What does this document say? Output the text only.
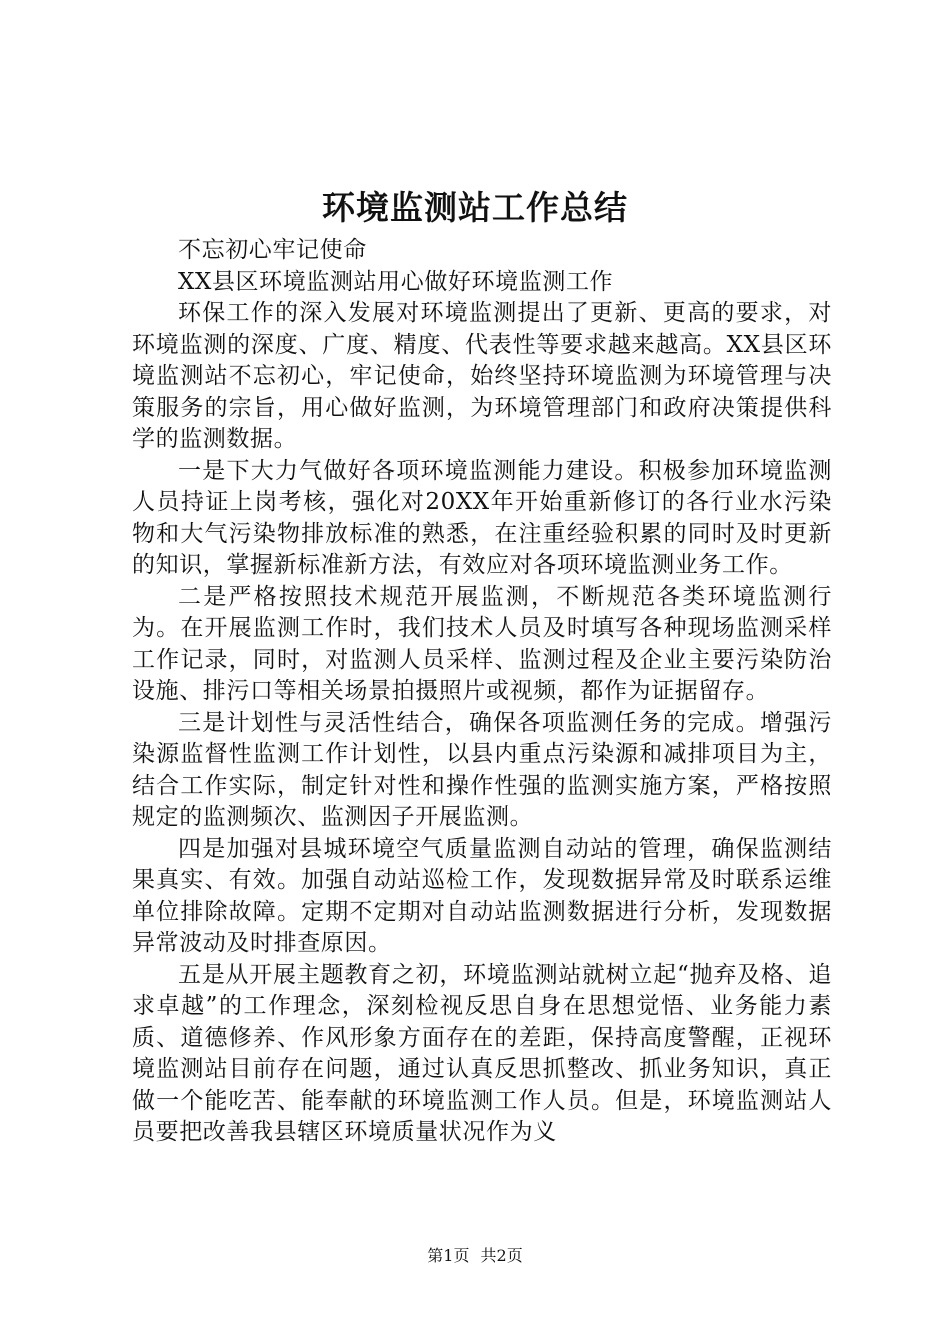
环境监测站工作总结

不忘初心牢记使命

XX县区环境监测站用心做好环境监测工作

环保工作的深入发展对环境监测提出了更新、更高的要求，对环境监测的深度、广度、精度、代表性等要求越来越高。XX县区环境监测站不忘初心，牢记使命，始终坚持环境监测为环境管理与决策服务的宗旨，用心做好监测，为环境管理部门和政府决策提供科学的监测数据。

一是下大力气做好各项环境监测能力建设。积极参加环境监测人员持证上岗考核，强化对20XX年开始重新修订的各行业水污染物和大气污染物排放标准的熟悉，在注重经验积累的同时及时更新的知识，掌握新标准新方法，有效应对各项环境监测业务工作。

二是严格按照技术规范开展监测，不断规范各类环境监测行为。在开展监测工作时，我们技术人员及时填写各种现场监测采样工作记录，同时，对监测人员采样、监测过程及企业主要污染防治设施、排污口等相关场景拍摄照片或视频，都作为证据留存。

三是计划性与灵活性结合，确保各项监测任务的完成。增强污染源监督性监测工作计划性，以县内重点污染源和减排项目为主，结合工作实际，制定针对性和操作性强的监测实施方案，严格按照规定的监测频次、监测因子开展监测。

四是加强对县城环境空气质量监测自动站的管理，确保监测结果真实、有效。加强自动站巡检工作，发现数据异常及时联系运维单位排除故障。定期不定期对自动站监测数据进行分析，发现数据异常波动及时排查原因。

五是从开展主题教育之初，环境监测站就树立起“抛弃及格、追求卓越”的工作理念，深刻检视反思自身在思想觉悟、业务能力素质、道德修养、作风形象方面存在的差距，保持高度警醒，正视环境监测站目前存在问题，通过认真反思抓整改、抓业务知识，真正做一个能吃苦、能奉献的环境监测工作人员。但是，环境监测站人员要把改善我县辖区环境质量状况作为义

第1页 共2页
